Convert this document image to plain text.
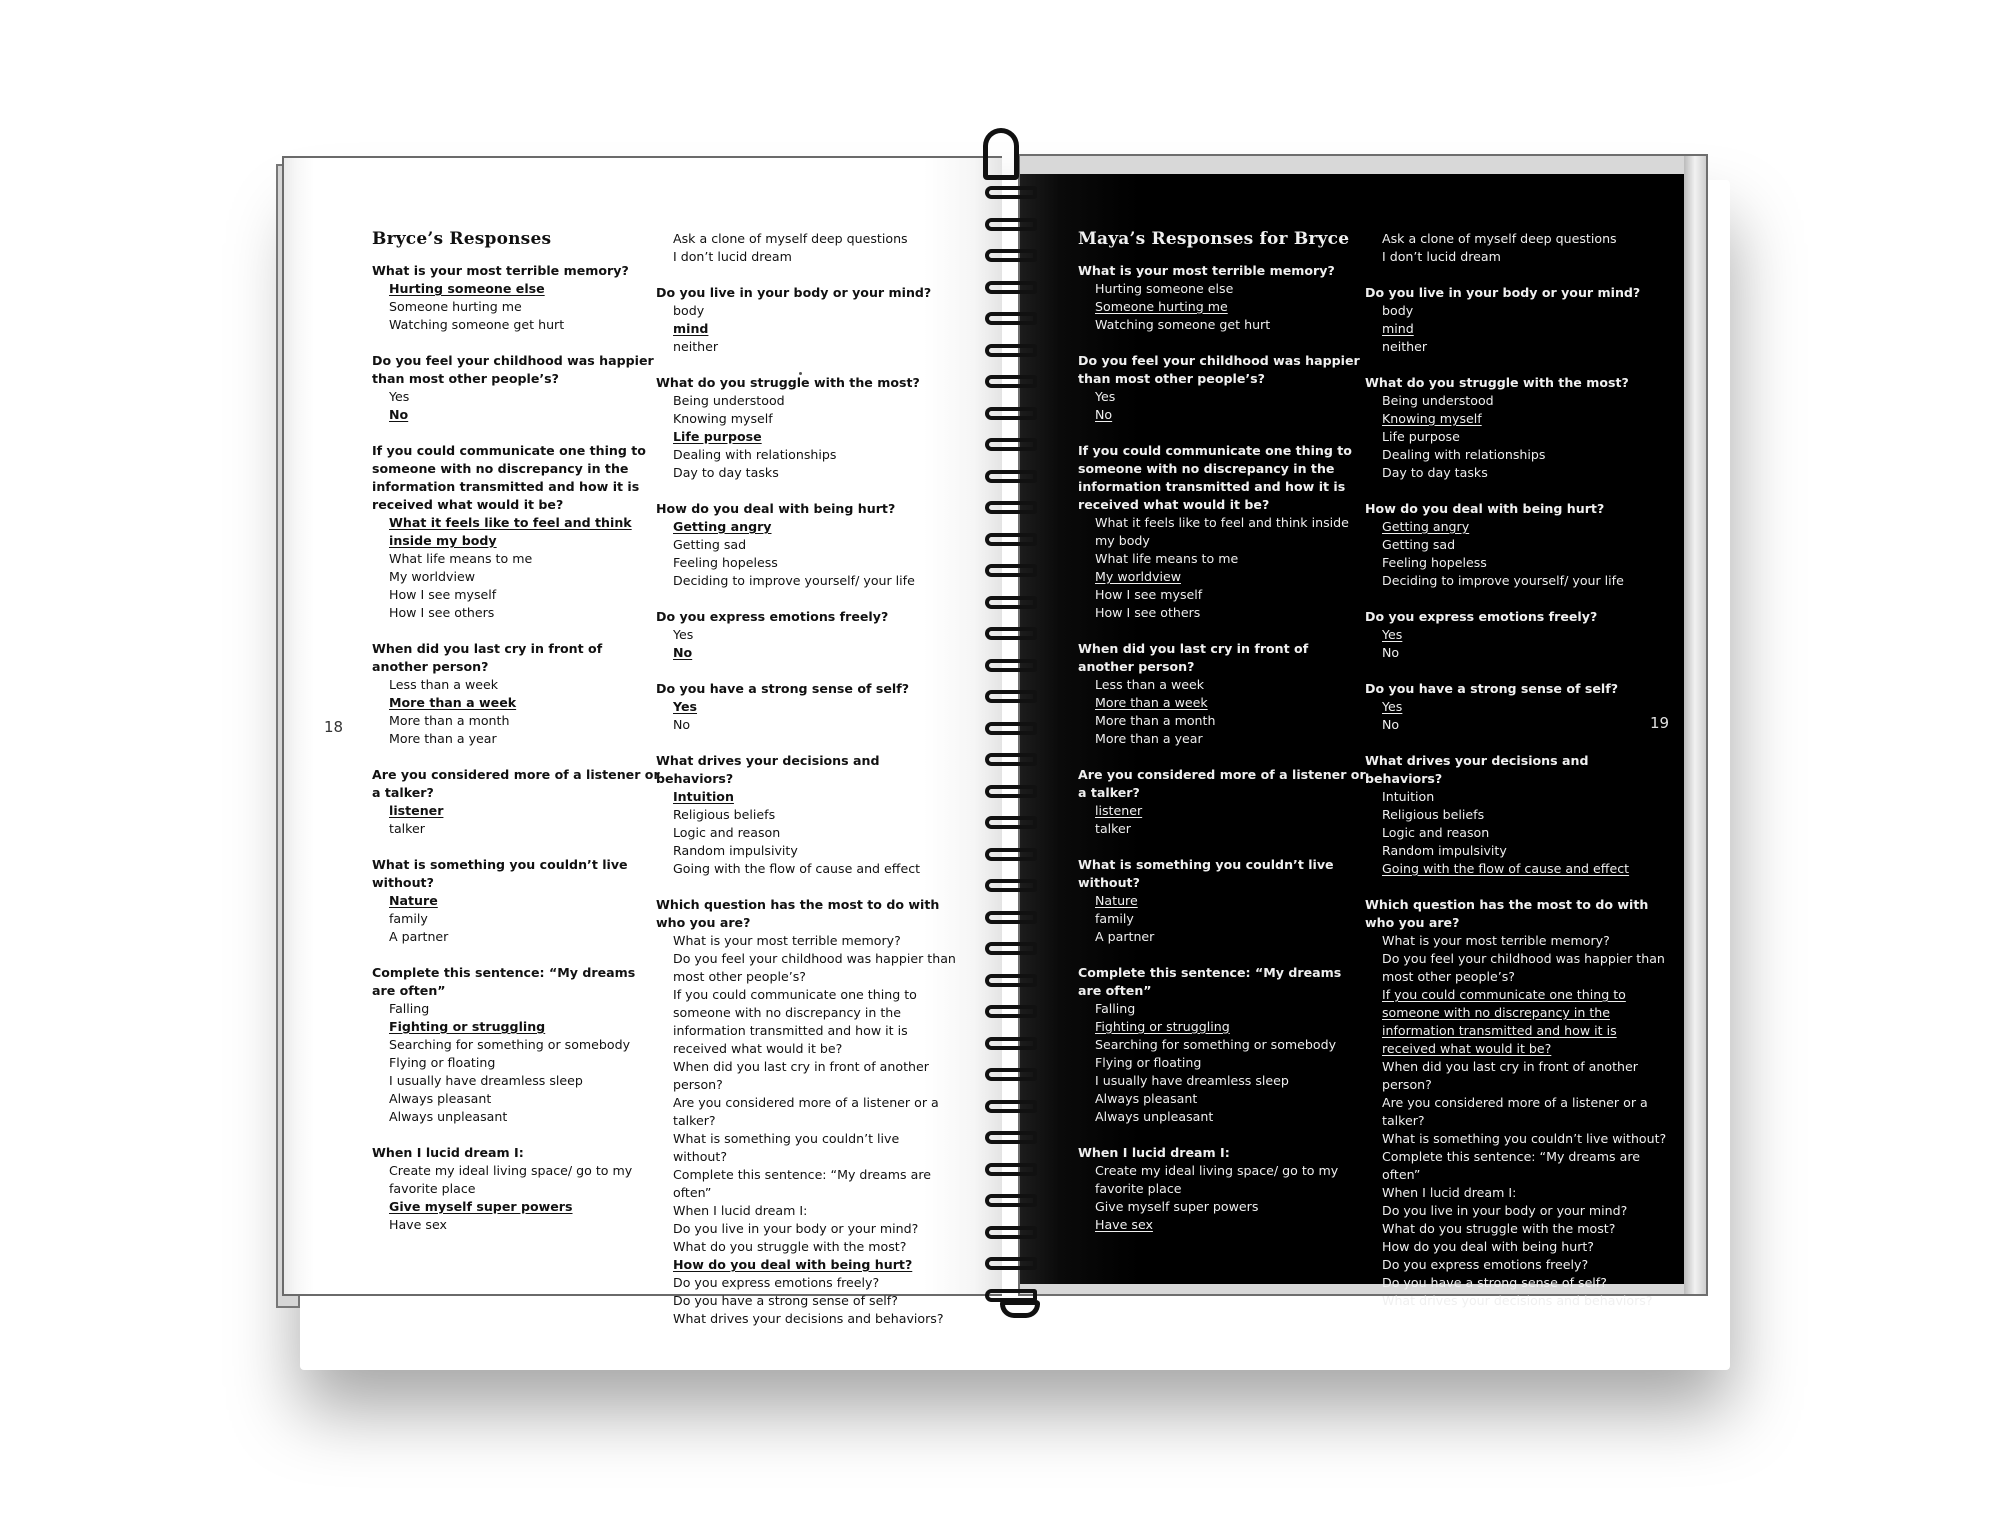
18
Bryce’s Responses
What is your most terrible memory?
Hurting someone else
Someone hurting me
Watching someone get hurt
Do you feel your childhood was happier than most other people’s?
Yes
No
If you could communicate one thing to someone with no discrepancy in the information transmitted and how it is received what would it be?
What it feels like to feel and think inside my body
What life means to me
My worldview
How I see myself
How I see others
When did you last cry in front of another person?
Less than a week
More than a week
More than a month
More than a year
Are you considered more of a listener or a talker?
listener
talker
What is something you couldn’t live without?
Nature
family
A partner
Complete this sentence: “My dreams are often”
Falling
Fighting or struggling
Searching for something or somebody
Flying or floating
I usually have dreamless sleep
Always pleasant
Always unpleasant
When I lucid dream I:
Create my ideal living space/ go to my favorite place
Give myself super powers
Have sex
Ask a clone of myself deep questions
I don’t lucid dream
Do you live in your body or your mind?
body
mind
neither
What do you struggle with the most?
Being understood
Knowing myself
Life purpose
Dealing with relationships
Day to day tasks
How do you deal with being hurt?
Getting angry
Getting sad
Feeling hopeless
Deciding to improve yourself/ your life
Do you express emotions freely?
Yes
No
Do you have a strong sense of self?
Yes
No
What drives your decisions and behaviors?
Intuition
Religious beliefs
Logic and reason
Random impulsivity
Going with the flow of cause and effect
Which question has the most to do with who you are?
What is your most terrible memory?
Do you feel your childhood was happier than most other people’s?
If you could communicate one thing to someone with no discrepancy in the information transmitted and how it is received what would it be?
When did you last cry in front of another person?
Are you considered more of a listener or a talker?
What is something you couldn’t live without?
Complete this sentence: “My dreams are often”
When I lucid dream I:
Do you live in your body or your mind?
What do you struggle with the most?
How do you deal with being hurt?
Do you express emotions freely?
Do you have a strong sense of self?
What drives your decisions and behaviors?
19
Maya’s Responses for Bryce
What is your most terrible memory?
Hurting someone else
Someone hurting me
Watching someone get hurt
Do you feel your childhood was happier than most other people’s?
Yes
No
If you could communicate one thing to someone with no discrepancy in the information transmitted and how it is received what would it be?
What it feels like to feel and think inside my body
What life means to me
My worldview
How I see myself
How I see others
When did you last cry in front of another person?
Less than a week
More than a week
More than a month
More than a year
Are you considered more of a listener or a talker?
listener
talker
What is something you couldn’t live without?
Nature
family
A partner
Complete this sentence: “My dreams are often”
Falling
Fighting or struggling
Searching for something or somebody
Flying or floating
I usually have dreamless sleep
Always pleasant
Always unpleasant
When I lucid dream I:
Create my ideal living space/ go to my favorite place
Give myself super powers
Have sex
Ask a clone of myself deep questions
I don’t lucid dream
Do you live in your body or your mind?
body
mind
neither
What do you struggle with the most?
Being understood
Knowing myself
Life purpose
Dealing with relationships
Day to day tasks
How do you deal with being hurt?
Getting angry
Getting sad
Feeling hopeless
Deciding to improve yourself/ your life
Do you express emotions freely?
Yes
No
Do you have a strong sense of self?
Yes
No
What drives your decisions and behaviors?
Intuition
Religious beliefs
Logic and reason
Random impulsivity
Going with the flow of cause and effect
Which question has the most to do with who you are?
What is your most terrible memory?
Do you feel your childhood was happier than most other people’s?
If you could communicate one thing to someone with no discrepancy in the information transmitted and how it is received what would it be?
When did you last cry in front of another person?
Are you considered more of a listener or a talker?
What is something you couldn’t live without?
Complete this sentence: “My dreams are often”
When I lucid dream I:
Do you live in your body or your mind?
What do you struggle with the most?
How do you deal with being hurt?
Do you express emotions freely?
Do you have a strong sense of self?
What drives your decisions and behaviors?
